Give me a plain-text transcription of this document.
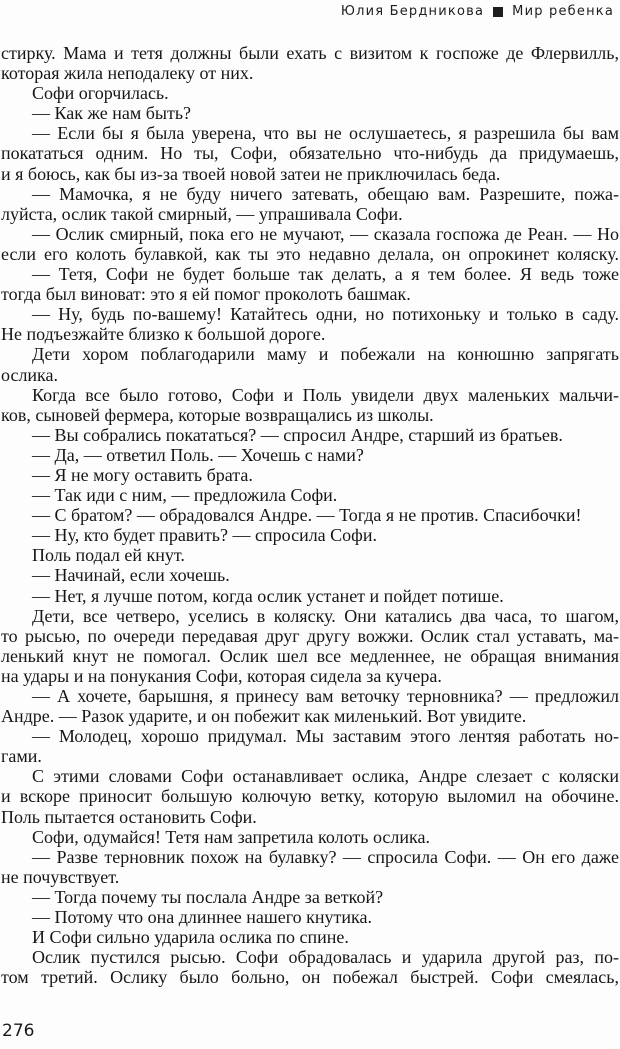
Юлия Бердникова Мир ребенка
стирку. Мама и тетя должны были ехать с визитом к госпоже де Флервилль,
которая жила неподалеку от них.
Софи огорчилась.
— Как же нам быть?
— Если бы я была уверена, что вы не ослушаетесь, я разрешила бы вам
покататься одним. Но ты, Софи, обязательно что-нибудь да придумаешь,
и я боюсь, как бы из-за твоей новой затеи не приключилась беда.
— Мамочка, я не буду ничего затевать, обещаю вам. Разрешите, пожа-
луйста, ослик такой смирный, — упрашивала Софи.
— Ослик смирный, пока его не мучают, — сказала госпожа де Реан. — Но
если его колоть булавкой, как ты это недавно делала, он опрокинет коляску.
— Тетя, Софи не будет больше так делать, а я тем более. Я ведь тоже
тогда был виноват: это я ей помог проколоть башмак.
— Ну, будь по-вашему! Катайтесь одни, но потихоньку и только в саду.
Не подъезжайте близко к большой дороге.
Дети хором поблагодарили маму и побежали на конюшню запрягать
ослика.
Когда все было готово, Софи и Поль увидели двух маленьких мальчи-
ков, сыновей фермера, которые возвращались из школы.
— Вы собрались покататься? — спросил Андре, старший из братьев.
— Да, — ответил Поль. — Хочешь с нами?
— Я не могу оставить брата.
— Так иди с ним, — предложила Софи.
— С братом? — обрадовался Андре. — Тогда я не против. Спасибочки!
— Ну, кто будет править? — спросила Софи.
Поль подал ей кнут.
— Начинай, если хочешь.
— Нет, я лучше потом, когда ослик устанет и пойдет потише.
Дети, все четверо, уселись в коляску. Они катались два часа, то шагом,
то рысью, по очереди передавая друг другу вожжи. Ослик стал уставать, ма-
ленький кнут не помогал. Ослик шел все медленнее, не обращая внимания
на удары и на понукания Софи, которая сидела за кучера.
— А хочете, барышня, я принесу вам веточку терновника? — предложил
Андре. — Разок ударите, и он побежит как миленький. Вот увидите.
— Молодец, хорошо придумал. Мы заставим этого лентяя работать но-
гами.
С этими словами Софи останавливает ослика, Андре слезает с коляски
и вскоре приносит большую колючую ветку, которую выломил на обочине.
Поль пытается остановить Софи.
Софи, одумайся! Тетя нам запретила колоть ослика.
— Разве терновник похож на булавку? — спросила Софи. — Он его даже
не почувствует.
— Тогда почему ты послала Андре за веткой?
— Потому что она длиннее нашего кнутика.
И Софи сильно ударила ослика по спине.
Ослик пустился рысью. Софи обрадовалась и ударила другой раз, по-
том третий. Ослику было больно, он побежал быстрей. Софи смеялась,
276
